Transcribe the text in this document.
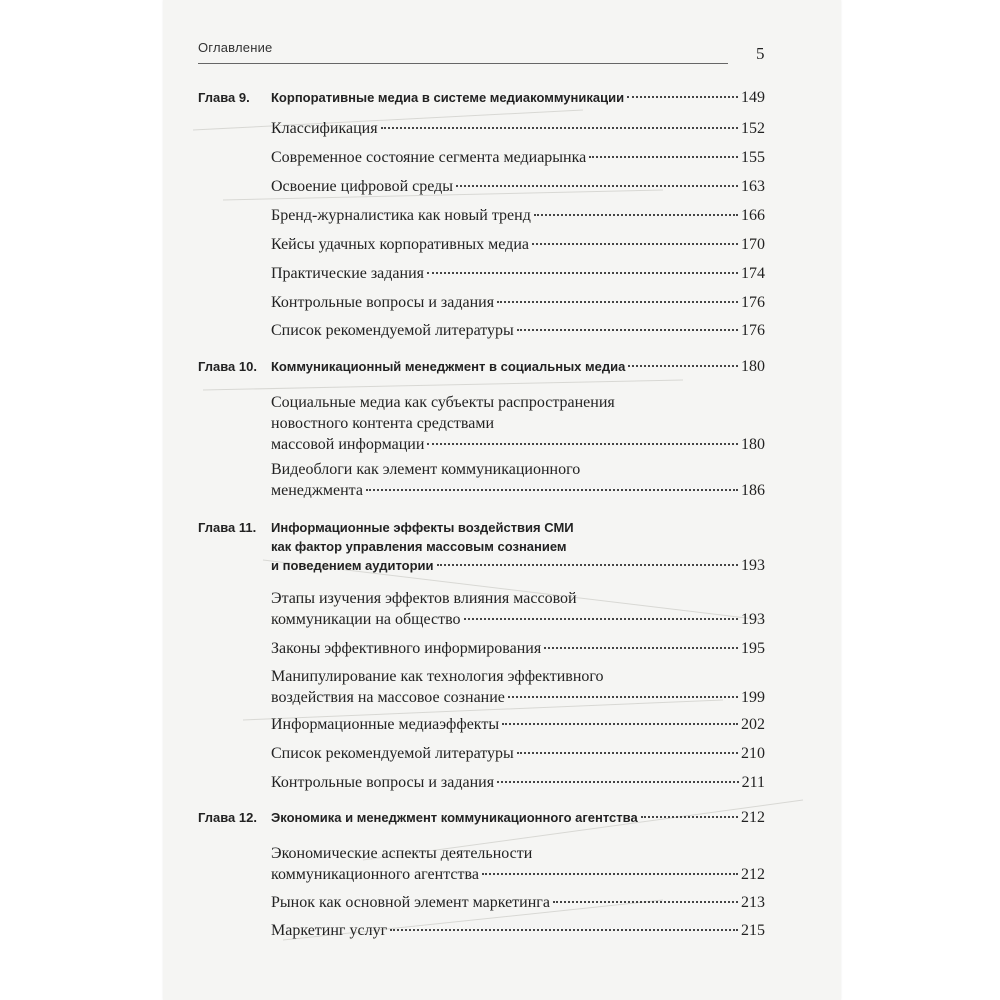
Оглавление	5
Глава 9.	Корпоративные медиа в системе медиакоммуникации	149
Классификация	152
Современное состояние сегмента медиарынка	155
Освоение цифровой среды	163
Бренд-журналистика как новый тренд	166
Кейсы удачных корпоративных медиа	170
Практические задания	174
Контрольные вопросы и задания	176
Список рекомендуемой литературы	176
Глава 10.	Коммуникационный менеджмент в социальных медиа	180
Социальные медиа как субъекты распространения
новостного контента средствами
массовой информации	180
Видеоблоги как элемент коммуникационного
менеджмента	186
Глава 11.	Информационные эффекты воздействия СМИ
как фактор управления массовым сознанием
и поведением аудитории	193
Этапы изучения эффектов влияния массовой
коммуникации на общество	193
Законы эффективного информирования	195
Манипулирование как технология эффективного
воздействия на массовое сознание	199
Информационные медиаэффекты	202
Список рекомендуемой литературы	210
Контрольные вопросы и задания	211
Глава 12.	Экономика и менеджмент коммуникационного агентства	212
Экономические аспекты деятельности
коммуникационного агентства	212
Рынок как основной элемент маркетинга	213
Маркетинг услуг	215
